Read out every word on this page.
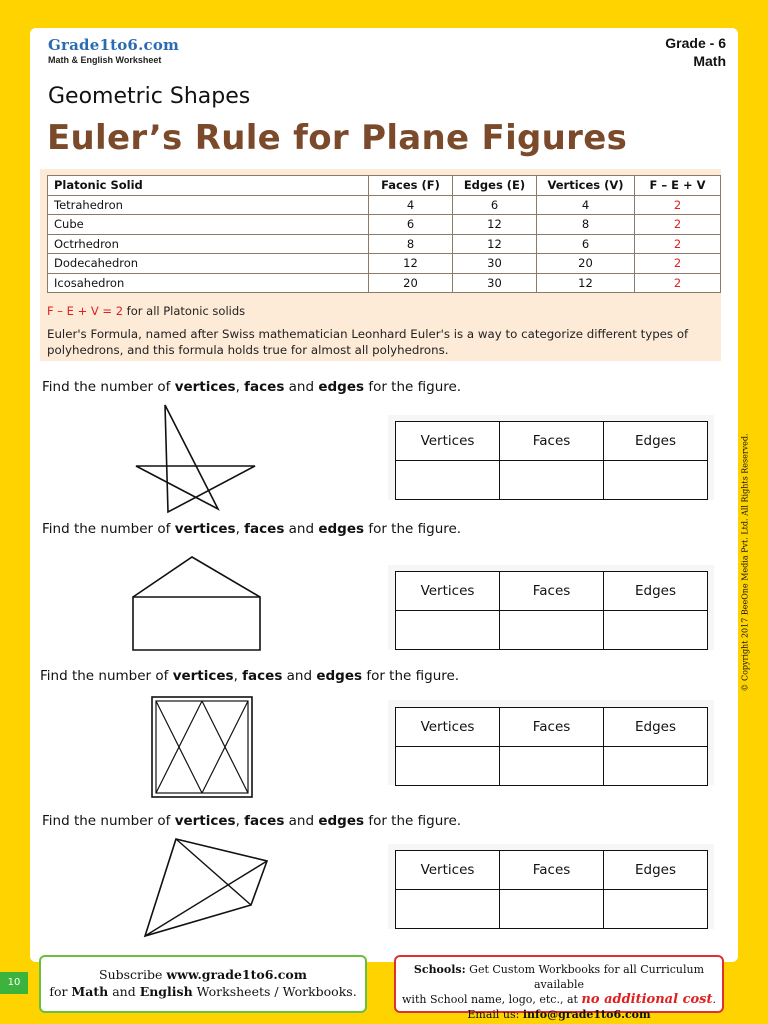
Grade1to6.com
Math & English Worksheet
Grade - 6
Math
Geometric Shapes
Euler’s Rule for Plane Figures
Platonic Solid	Faces (F)	Edges (E)	Vertices (V)	F – E + V
Tetrahedron	4	6	4	2
Cube	6	12	8	2
Octrhedron	8	12	6	2
Dodecahedron	12	30	20	2
Icosahedron	20	30	12	2
F – E + V = 2 for all Platonic solids
Euler's Formula, named after Swiss mathematician Leonhard Euler's is a way to categorize different types of polyhedrons, and this formula holds true for almost all polyhedrons.
Find the number of vertices, faces and edges for the figure.
Vertices	Faces	Edges

Find the number of vertices, faces and edges for the figure.
Vertices	Faces	Edges

Find the number of vertices, faces and edges for the figure.
Vertices	Faces	Edges

Find the number of vertices, faces and edges for the figure.
Vertices	Faces	Edges

© Copyright 2017 BeeOne Media Pvt. Ltd. All Rights Reserved.
10
Subscribe www.grade1to6.com
for Math and English Worksheets / Workbooks.
Schools: Get Custom Workbooks for all Curriculum available
with School name, logo, etc., at no additional cost.
Email us: info@grade1to6.com
